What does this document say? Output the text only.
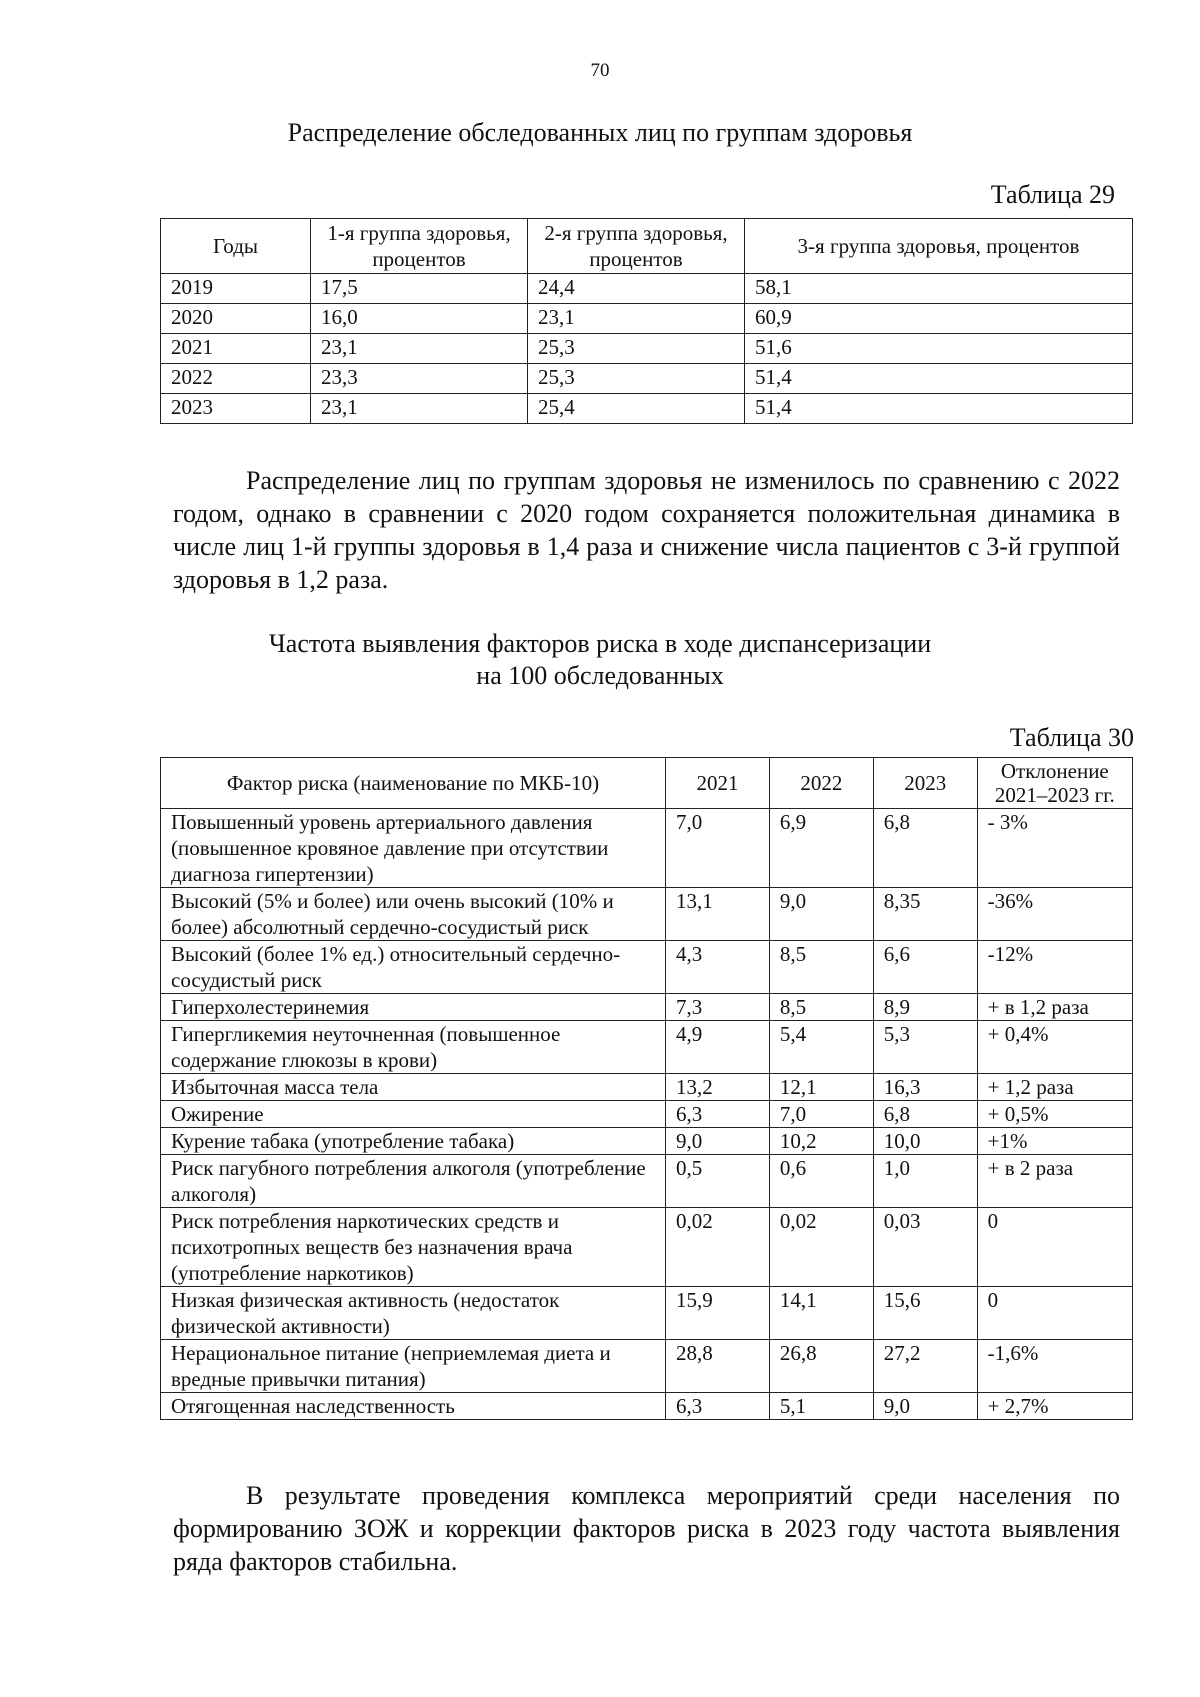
70
Распределение обследованных лиц по группам здоровья
Таблица 29
Годы	1-я группа здоровья, процентов	2-я группа здоровья, процентов	3-я группа здоровья, процентов
2019	17,5	24,4	58,1
2020	16,0	23,1	60,9
2021	23,1	25,3	51,6
2022	23,3	25,3	51,4
2023	23,1	25,4	51,4

Распределение лиц по группам здоровья не изменилось по сравнению с 2022 годом, однако в сравнении с 2020 годом сохраняется положительная динамика в числе лиц 1-й группы здоровья в 1,4 раза и снижение числа пациентов с 3-й группой здоровья в 1,2 раза.

Частота выявления факторов риска в ходе диспансеризации
на 100 обследованных
Таблица 30
Фактор риска (наименование по МКБ-10)	2021	2022	2023	Отклонение 2021–2023 гг.
Повышенный уровень артериального давления (повышенное кровяное давление при отсутствии диагноза гипертензии)	7,0	6,9	6,8	- 3%
Высокий (5% и более) или очень высокий (10% и более) абсолютный сердечно-сосудистый риск	13,1	9,0	8,35	-36%
Высокий (более 1% ед.) относительный сердечно-сосудистый риск	4,3	8,5	6,6	-12%
Гиперхолестеринемия	7,3	8,5	8,9	+ в 1,2 раза
Гипергликемия неуточненная (повышенное содержание глюкозы в крови)	4,9	5,4	5,3	+ 0,4%
Избыточная масса тела	13,2	12,1	16,3	+ 1,2 раза
Ожирение	6,3	7,0	6,8	+ 0,5%
Курение табака (употребление табака)	9,0	10,2	10,0	+1%
Риск пагубного потребления алкоголя (употребление алкоголя)	0,5	0,6	1,0	+ в 2 раза
Риск потребления наркотических средств и психотропных веществ без назначения врача (употребление наркотиков)	0,02	0,02	0,03	0
Низкая физическая активность (недостаток физической активности)	15,9	14,1	15,6	0
Нерациональное питание (неприемлемая диета и вредные привычки питания)	28,8	26,8	27,2	-1,6%
Отягощенная наследственность	6,3	5,1	9,0	+ 2,7%

В результате проведения комплекса мероприятий среди населения по формированию ЗОЖ и коррекции факторов риска в 2023 году частота выявления ряда факторов стабильна.
